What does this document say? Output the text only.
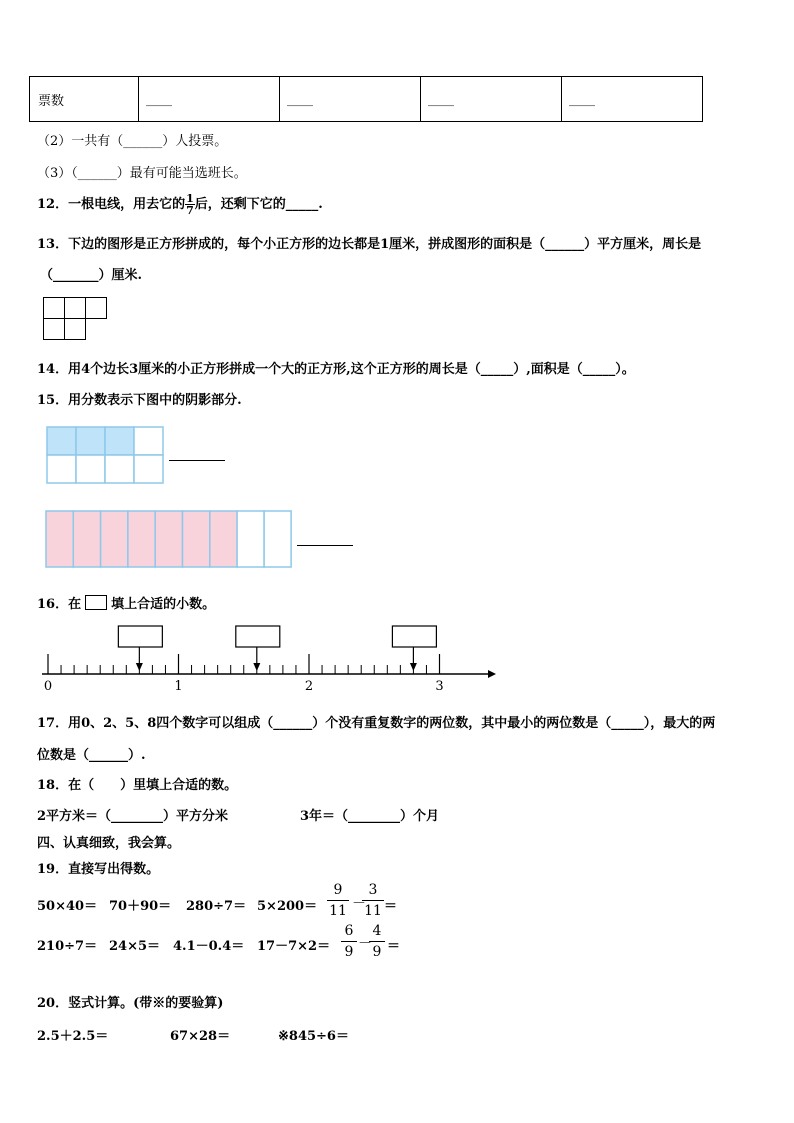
票数	____	____	____	____
（2）一共有（______）人投票。
（3）（______）最有可能当选班长。
12．一根电线，用去它的 $\frac{1}{7}$ 后，还剩下它的_____.
13．下边的图形是正方形拼成的，每个小正方形的边长都是1厘米，拼成图形的面积是（______）平方厘米，周长是
（_______）厘米.
14．用4个边长3厘米的小正方形拼成一个大的正方形,这个正方形的周长是（_____）,面积是（_____）。
15．用分数表示下图中的阴影部分.
16．在 填上合适的小数。
0	1	2	3
17．用0、2、5、8四个数字可以组成（______）个没有重复数字的两位数，其中最小的两位数是（_____），最大的两
位数是（______）.
18．在（　　）里填上合适的数。
2平方米＝（________）平方分米	3年＝（________）个月
四、认真细致，我会算。
19．直接写出得数。
$50\times 40= 70+90= 280\div 7= 5\times 200= \frac{9}{11}$ －
$\frac{3}{11}$ ＝
$210\div 7= 24\times 5= 4.1-0.4= 17-7\times 2= \frac{6}{9}$ －
$\frac{4}{9}$ ＝
20．竖式计算。(带※的要验算)
2.5＋2.5＝	67×28＝	※845÷6＝
